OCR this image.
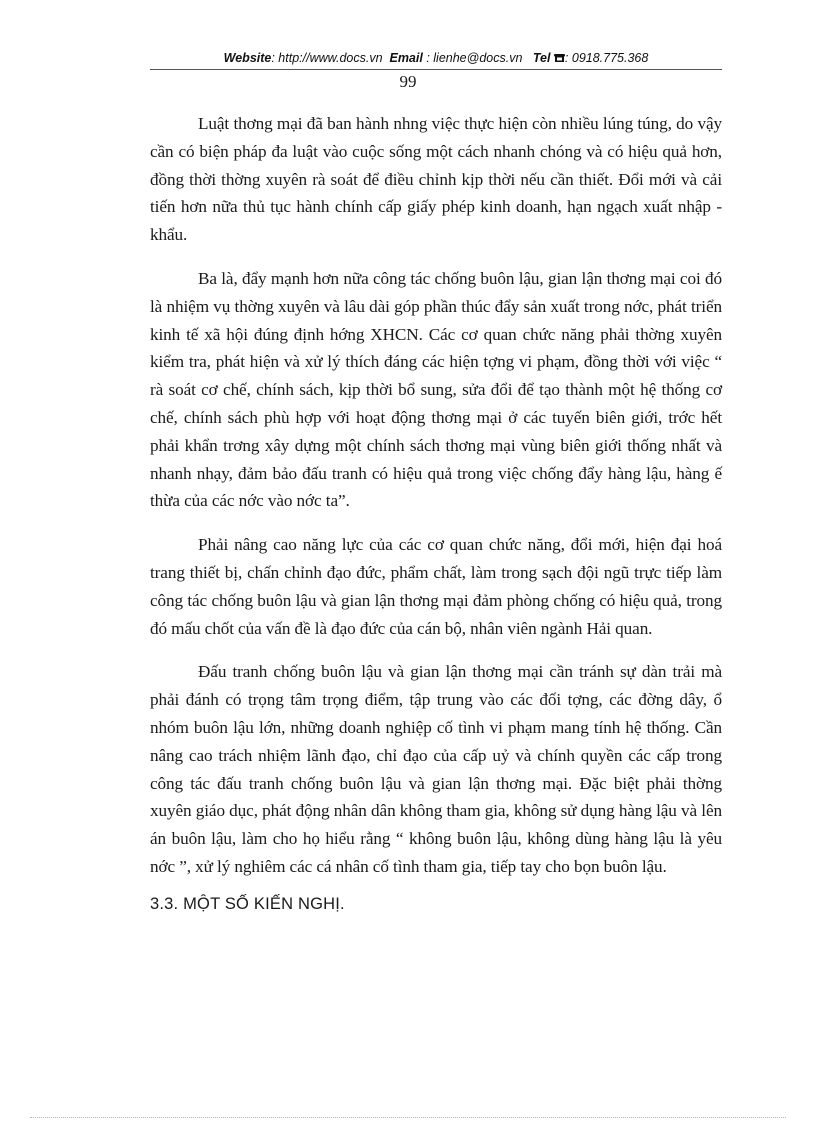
Website: http://www.docs.vn Email : lienhe@docs.vn Tel : 0918.775.368
99

Luật thơng mại đã ban hành nhng việc thực hiện còn nhiều lúng túng, do vậy cần có biện pháp đa luật vào cuộc sống một cách nhanh chóng và có hiệu quả hơn, đồng thời thờng xuyên rà soát để điều chỉnh kịp thời nếu cần thiết. Đổi mới và cải tiến hơn nữa thủ tục hành chính cấp giấy phép kinh doanh, hạn ngạch xuất nhập - khẩu.

Ba là, đẩy mạnh hơn nữa công tác chống buôn lậu, gian lận thơng mại coi đó là nhiệm vụ thờng xuyên và lâu dài góp phần thúc đẩy sản xuất trong nớc, phát triển kinh tế xã hội đúng định hớng XHCN. Các cơ quan chức năng phải thờng xuyên kiểm tra, phát hiện và xử lý thích đáng các hiện tợng vi phạm, đồng thời với việc “ rà soát cơ chế, chính sách, kịp thời bổ sung, sửa đổi để tạo thành một hệ thống cơ chế, chính sách phù hợp với hoạt động thơng mại ở các tuyến biên giới, trớc hết phải khẩn trơng xây dựng một chính sách thơng mại vùng biên giới thống nhất và nhanh nhạy, đảm bảo đấu tranh có hiệu quả trong việc chống đẩy hàng lậu, hàng ế thừa của các nớc vào nớc ta”.

Phải nâng cao năng lực của các cơ quan chức năng, đổi mới, hiện đại hoá trang thiết bị, chấn chỉnh đạo đức, phẩm chất, làm trong sạch đội ngũ trực tiếp làm công tác chống buôn lậu và gian lận thơng mại đảm phòng chống có hiệu quả, trong đó mấu chốt của vấn đề là đạo đức của cán bộ, nhân viên ngành Hải quan.

Đấu tranh chống buôn lậu và gian lận thơng mại cần tránh sự dàn trải mà phải đánh có trọng tâm trọng điểm, tập trung vào các đối tợng, các đờng dây, ổ nhóm buôn lậu lớn, những doanh nghiệp cố tình vi phạm mang tính hệ thống. Cần nâng cao trách nhiệm lãnh đạo, chỉ đạo của cấp uỷ và chính quyền các cấp trong công tác đấu tranh chống buôn lậu và gian lận thơng mại. Đặc biệt phải thờng xuyên giáo dục, phát động nhân dân không tham gia, không sử dụng hàng lậu và lên án buôn lậu, làm cho họ hiểu rằng “ không buôn lậu, không dùng hàng lậu là yêu nớc ”, xử lý nghiêm các cá nhân cố tình tham gia, tiếp tay cho bọn buôn lậu.

3.3. MỘT SỐ KIẾN NGHỊ.
